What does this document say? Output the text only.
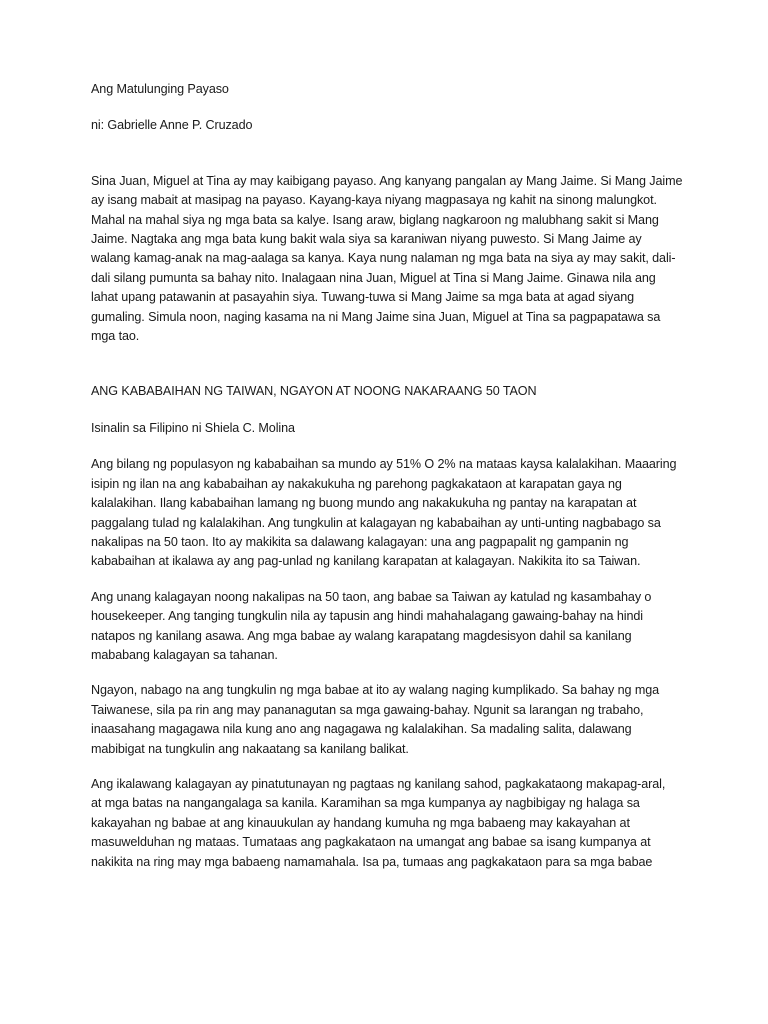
Ang Matulunging Payaso

ni: Gabrielle Anne P. Cruzado

Sina Juan, Miguel at Tina ay may kaibigang payaso. Ang kanyang pangalan ay Mang Jaime. Si Mang Jaime

ay isang mabait at masipag na payaso. Kayang-kaya niyang magpasaya ng kahit na sinong malungkot.

Mahal na mahal siya ng mga bata sa kalye. Isang araw, biglang nagkaroon ng malubhang sakit si Mang

Jaime. Nagtaka ang mga bata kung bakit wala siya sa karaniwan niyang puwesto. Si Mang Jaime ay

walang kamag-anak na mag-aalaga sa kanya. Kaya nung nalaman ng mga bata na siya ay may sakit, dali-

dali silang pumunta sa bahay nito. Inalagaan nina Juan, Miguel at Tina si Mang Jaime. Ginawa nila ang

lahat upang patawanin at pasayahin siya. Tuwang-tuwa si Mang Jaime sa mga bata at agad siyang

gumaling. Simula noon, naging kasama na ni Mang Jaime sina Juan, Miguel at Tina sa pagpapatawa sa

mga tao.

ANG KABABAIHAN NG TAIWAN, NGAYON AT NOONG NAKARAANG 50 TAON

Isinalin sa Filipino ni Shiela C. Molina

Ang bilang ng populasyon ng kababaihan sa mundo ay 51% O 2% na mataas kaysa kalalakihan. Maaaring

isipin ng ilan na ang kababaihan ay nakakukuha ng parehong pagkakataon at karapatan gaya ng

kalalakihan. Ilang kababaihan lamang ng buong mundo ang nakakukuha ng pantay na karapatan at

paggalang tulad ng kalalakihan. Ang tungkulin at kalagayan ng kababaihan ay unti-unting nagbabago sa

nakalipas na 50 taon. Ito ay makikita sa dalawang kalagayan: una ang pagpapalit ng gampanin ng

kababaihan at ikalawa ay ang pag-unlad ng kanilang karapatan at kalagayan. Nakikita ito sa Taiwan.

Ang unang kalagayan noong nakalipas na 50 taon, ang babae sa Taiwan ay katulad ng kasambahay o

housekeeper. Ang tanging tungkulin nila ay tapusin ang hindi mahahalagang gawaing-bahay na hindi

natapos ng kanilang asawa. Ang mga babae ay walang karapatang magdesisyon dahil sa kanilang

mababang kalagayan sa tahanan.

Ngayon, nabago na ang tungkulin ng mga babae at ito ay walang naging kumplikado. Sa bahay ng mga

Taiwanese, sila pa rin ang may pananagutan sa mga gawaing-bahay. Ngunit sa larangan ng trabaho,

inaasahang magagawa nila kung ano ang nagagawa ng kalalakihan. Sa madaling salita, dalawang

mabibigat na tungkulin ang nakaatang sa kanilang balikat.

Ang ikalawang kalagayan ay pinatutunayan ng pagtaas ng kanilang sahod, pagkakataong makapag-aral,

at mga batas na nangangalaga sa kanila. Karamihan sa mga kumpanya ay nagbibigay ng halaga sa

kakayahan ng babae at ang kinauukulan ay handang kumuha ng mga babaeng may kakayahan at

masuwelduhan ng mataas. Tumataas ang pagkakataon na umangat ang babae sa isang kumpanya at

nakikita na ring may mga babaeng namamahala. Isa pa, tumaas ang pagkakataon para sa mga babae
